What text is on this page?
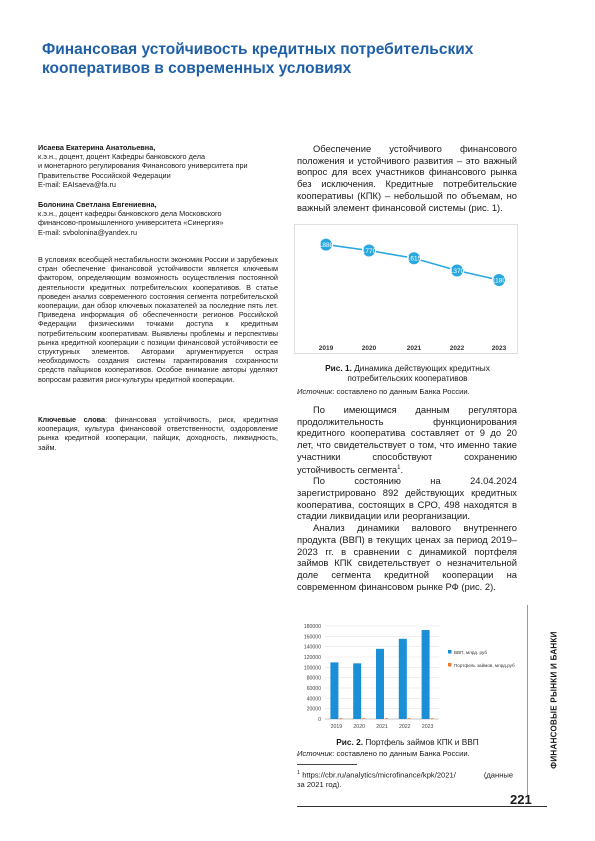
Финансовая устойчивость кредитных потребительских кооперативов в современных условиях
Исаева Екатерина Анатольевна,
к.э.н., доцент, доцент Кафедры банковского дела
и монетарного регулирования Финансового университета при
Правительстве Российской Федерации
E-mail: EAIsaeva@fa.ru
Болонина Светлана Евгениевна,
к.э.н., доцент кафедры банковского дела Московского
финансово-промышленного университета «Синергия»
E-mail: svbolonina@yandex.ru
В условиях всеобщей нестабильности экономик России и зарубежных стран обеспечение финансовой устойчивости является ключевым фактором, определяющим возможность осуществления постоянной деятельности кредитных потребительских кооперативов. В статье проведен анализ современного состояния сегмента потребительской кооперации, дан обзор ключевых показателей за последние пять лет. Приведена информация об обеспеченности регионов Российской Федерации физическими точками доступа к кредитным потребительским кооперативам. Выявлены проблемы и перспективы рынка кредитной кооперации с позиции финансовой устойчивости ее структурных элементов. Авторами аргументируется острая необходимость создания системы гарантирования сохранности средств пайщиков кооперативов. Особое внимание авторы уделяют вопросам развития риск-культуры кредитной кооперации.
Ключевые слова: финансовая устойчивость, риск, кредитная кооперация, культура финансовой ответственности, оздоровление рынка кредитной кооперации, пайщик, доходность, ликвидность, займ.

Обеспечение устойчивого финансового положения и устойчивого развития – это важный вопрос для всех участников финансового рынка без исключения. Кредитные потребительские кооперативы (КПК) – небольшой по объемам, но важный элемент финансовой системы (рис. 1).

1888
1770
1615
1370
1180
2019	2020	2021	2022	2023
Рис. 1. Динамика действующих кредитных потребительских кооперативов
Источник: составлено по данным Банка России.

По имеющимся данным регулятора продолжительность функционирования кредитного кооператива составляет от 9 до 20 лет, что свидетельствует о том, что именно такие участники способствуют сохранению устойчивость сегмента$^1$.

По состоянию на 24.04.2024 зарегистрировано 892 действующих кредитных кооператива, состоящих в СРО, 498 находятся в стадии ликвидации или реорганизации.

Анализ динамики валового внутреннего продукта (ВВП) в текущих ценах за период 2019–2023 гг. в сравнении с динамикой портфеля займов КПК свидетельствует о незначительной доле сегмента кредитной кооперации на современном финансовом рынке РФ (рис. 2).

0
20000
40000
60000
80000
100000
120000
140000
160000
180000
2019 2020 2021 2022 2023
ВВП, млрд. руб
Портфель займов, млрд.руб
Рис. 2. Портфель займов КПК и ВВП
Источник: составлено по данным Банка России.
$^1$ https://cbr.ru/analytics/microfinance/kpk/2021/	(данные за 2021 год).
ФИНАНСОВЫЕ РЫНКИ И БАНКИ
221
